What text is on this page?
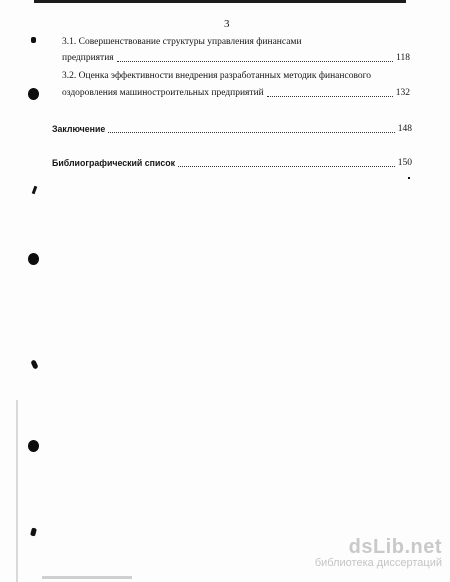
3
3.1. Совершенствование структуры управления финансами
предприятия	118
3.2. Оценка эффективности внедрения разработанных методик финансового
оздоровления машиностроительных предприятий	132
Заключение	148
Библиографический список	150
dsLib.net
библиотека диссертаций
